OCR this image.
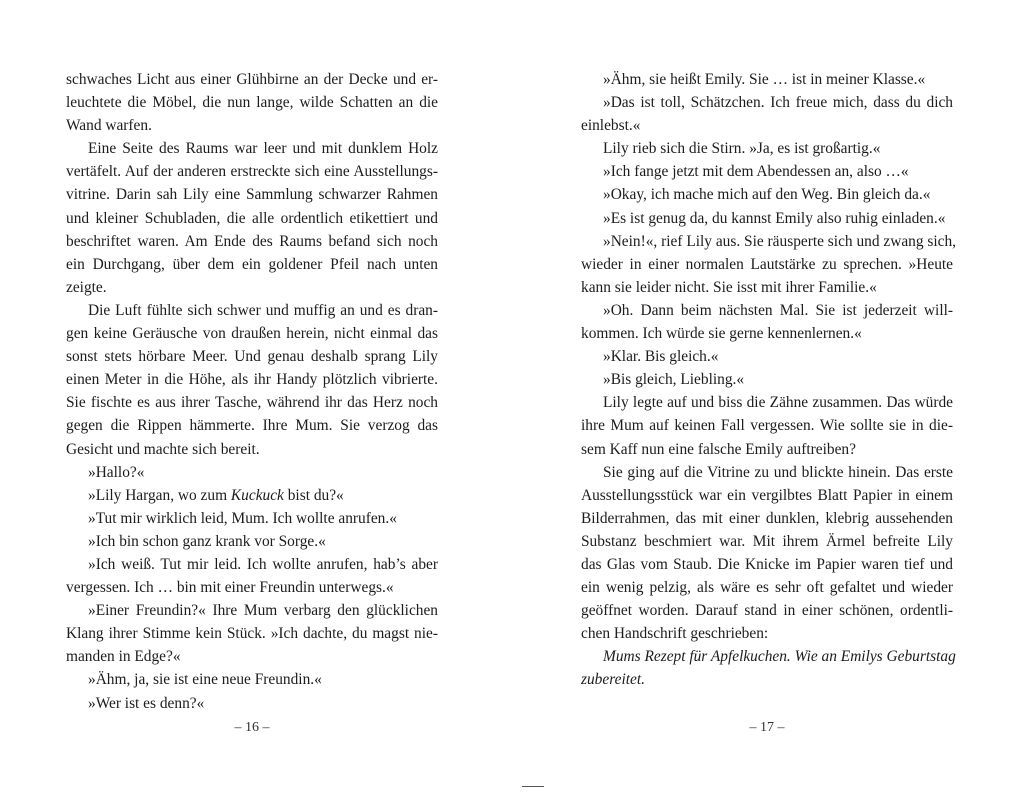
schwaches Licht aus einer Glühbirne an der Decke und er-
leuchtete die Möbel, die nun lange, wilde Schatten an die
Wand warfen.
Eine Seite des Raums war leer und mit dunklem Holz
vertäfelt. Auf der anderen erstreckte sich eine Ausstellungs-
vitrine. Darin sah Lily eine Sammlung schwarzer Rahmen
und kleiner Schubladen, die alle ordentlich etikettiert und
beschriftet waren. Am Ende des Raums befand sich noch
ein Durchgang, über dem ein goldener Pfeil nach unten
zeigte.
Die Luft fühlte sich schwer und muffig an und es dran-
gen keine Geräusche von draußen herein, nicht einmal das
sonst stets hörbare Meer. Und genau deshalb sprang Lily
einen Meter in die Höhe, als ihr Handy plötzlich vibrierte.
Sie fischte es aus ihrer Tasche, während ihr das Herz noch
gegen die Rippen hämmerte. Ihre Mum. Sie verzog das
Gesicht und machte sich bereit.
»Hallo?«
»Lily Hargan, wo zum Kuckuck bist du?«
»Tut mir wirklich leid, Mum. Ich wollte anrufen.«
»Ich bin schon ganz krank vor Sorge.«
»Ich weiß. Tut mir leid. Ich wollte anrufen, hab’s aber
vergessen. Ich … bin mit einer Freundin unterwegs.«
»Einer Freundin?« Ihre Mum verbarg den glücklichen
Klang ihrer Stimme kein Stück. »Ich dachte, du magst nie-
manden in Edge?«
»Ähm, ja, sie ist eine neue Freundin.«
»Wer ist es denn?«
– 16 –
»Ähm, sie heißt Emily. Sie … ist in meiner Klasse.«
»Das ist toll, Schätzchen. Ich freue mich, dass du dich
einlebst.«
Lily rieb sich die Stirn. »Ja, es ist großartig.«
»Ich fange jetzt mit dem Abendessen an, also …«
»Okay, ich mache mich auf den Weg. Bin gleich da.«
»Es ist genug da, du kannst Emily also ruhig einladen.«
»Nein!«, rief Lily aus. Sie räusperte sich und zwang sich,
wieder in einer normalen Lautstärke zu sprechen. »Heute
kann sie leider nicht. Sie isst mit ihrer Familie.«
»Oh. Dann beim nächsten Mal. Sie ist jederzeit will-
kommen. Ich würde sie gerne kennenlernen.«
»Klar. Bis gleich.«
»Bis gleich, Liebling.«
Lily legte auf und biss die Zähne zusammen. Das würde
ihre Mum auf keinen Fall vergessen. Wie sollte sie in die-
sem Kaff nun eine falsche Emily auftreiben?
Sie ging auf die Vitrine zu und blickte hinein. Das erste
Ausstellungsstück war ein vergilbtes Blatt Papier in einem
Bilderrahmen, das mit einer dunklen, klebrig aussehenden
Substanz beschmiert war. Mit ihrem Ärmel befreite Lily
das Glas vom Staub. Die Knicke im Papier waren tief und
ein wenig pelzig, als wäre es sehr oft gefaltet und wieder
geöffnet worden. Darauf stand in einer schönen, ordentli-
chen Handschrift geschrieben:
Mums Rezept für Apfelkuchen. Wie an Emilys Geburtstag
zubereitet.
– 17 –
